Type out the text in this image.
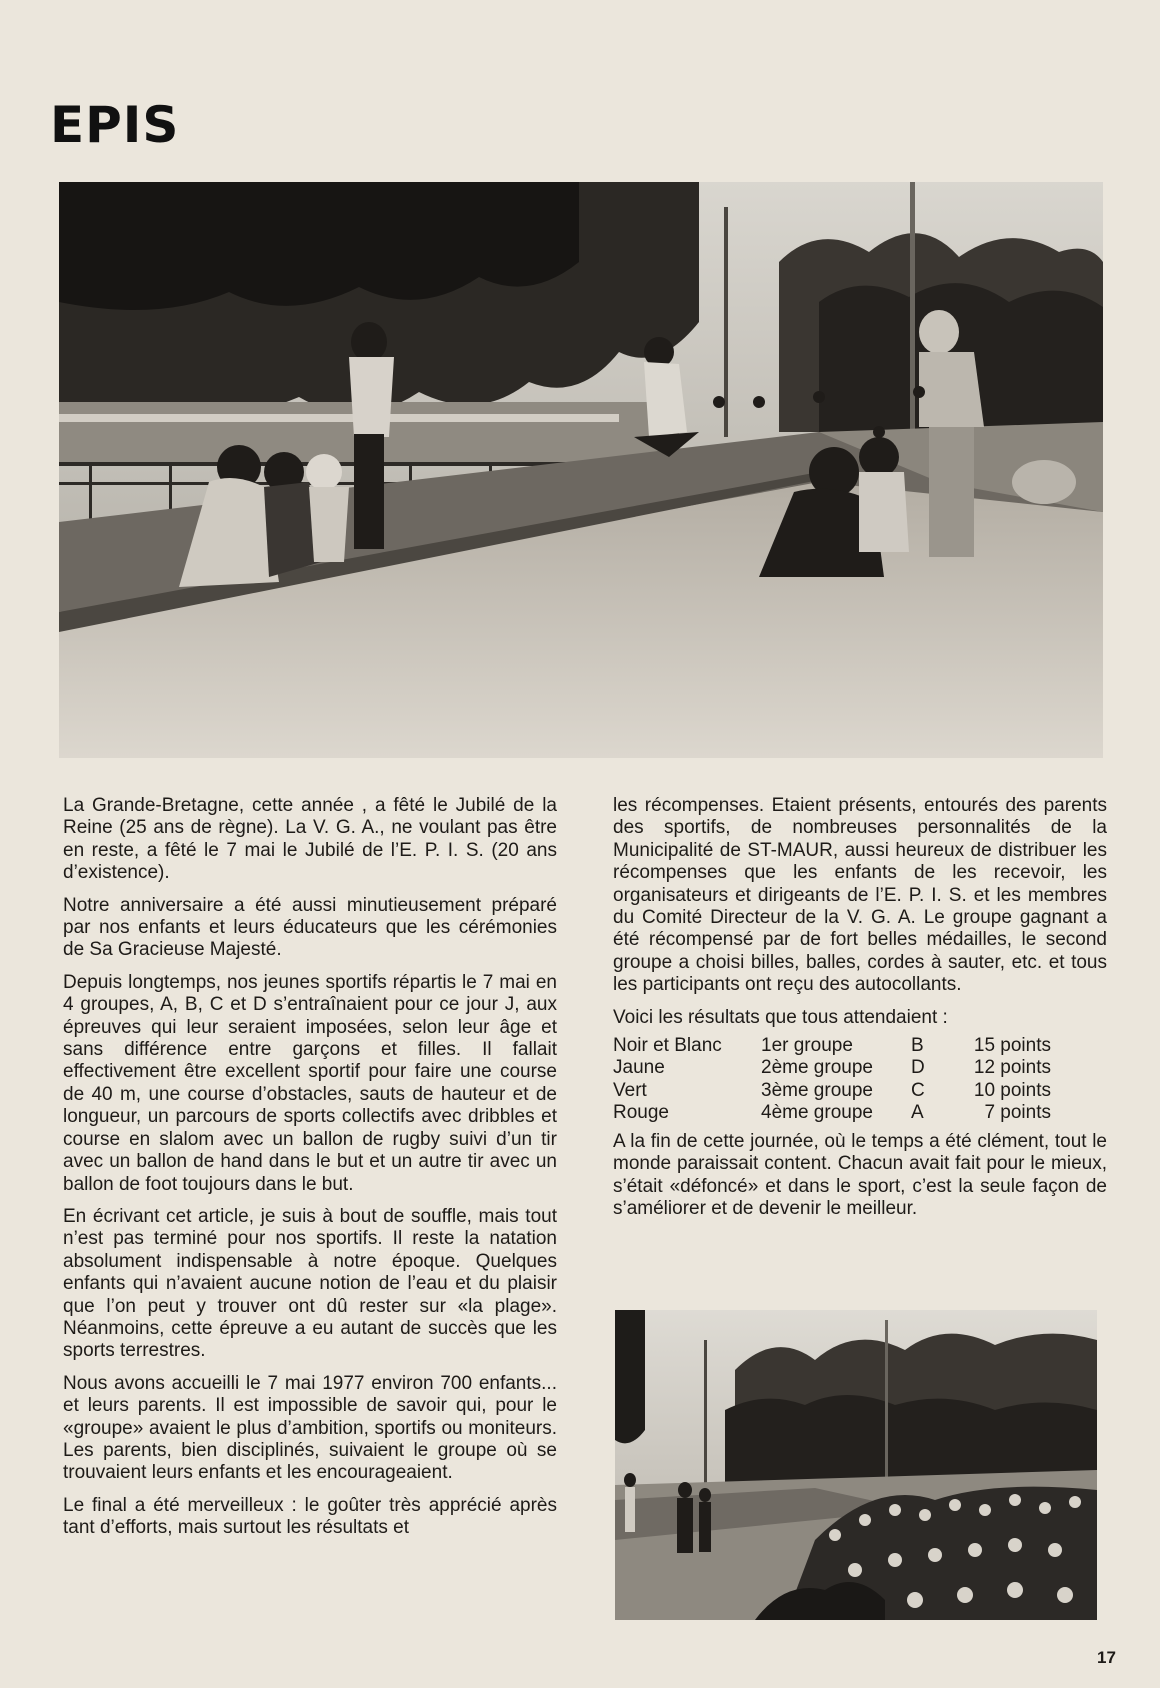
EPIS

La Grande-Bretagne, cette année , a fêté le Jubilé de la Reine (25 ans de règne). La V. G. A., ne voulant pas être en reste, a fêté le 7 mai le Jubilé de l’E. P. I. S. (20 ans d’existence).

Notre anniversaire a été aussi minutieusement préparé par nos enfants et leurs éducateurs que les cérémonies de Sa Gracieuse Majesté.

Depuis longtemps, nos jeunes sportifs répartis le 7 mai en 4 groupes, A, B, C et D s’entraînaient pour ce jour J, aux épreuves qui leur seraient imposées, selon leur âge et sans différence entre garçons et filles. Il fallait effectivement être excellent sportif pour faire une course de 40 m, une course d’obstacles, sauts de hauteur et de longueur, un parcours de sports collectifs avec dribbles et course en slalom avec un ballon de rugby suivi d’un tir avec un ballon de hand dans le but et un autre tir avec un ballon de foot toujours dans le but.

En écrivant cet article, je suis à bout de souffle, mais tout n’est pas terminé pour nos sportifs. Il reste la natation absolument indispensable à notre époque. Quelques enfants qui n’avaient aucune notion de l’eau et du plaisir que l’on peut y trouver ont dû rester sur «la plage». Néanmoins, cette épreuve a eu autant de succès que les sports terrestres.

Nous avons accueilli le 7 mai 1977 environ 700 enfants... et leurs parents. Il est impossible de savoir qui, pour le «groupe» avaient le plus d’ambition, sportifs ou moniteurs. Les parents, bien disciplinés, suivaient le groupe où se trouvaient leurs enfants et les encourageaient.

Le final a été merveilleux : le goûter très apprécié après tant d’efforts, mais surtout les résultats et

les récompenses. Etaient présents, entourés des parents des sportifs, de nombreuses personnalités de la Municipalité de ST-MAUR, aussi heureux de distribuer les récompenses que les enfants de les recevoir, les organisateurs et dirigeants de l’E. P. I. S. et les membres du Comité Directeur de la V. G. A. Le groupe gagnant a été récompensé par de fort belles médailles, le second groupe a choisi billes, balles, cordes à sauter, etc. et tous les participants ont reçu des autocollants.

Voici les résultats que tous attendaient :

Noir et Blanc	1er groupe	B	15 points
Jaune	2ème groupe	D	12 points
Vert	3ème groupe	C	10 points
Rouge	4ème groupe	A	7 points

A la fin de cette journée, où le temps a été clément, tout le monde paraissait content. Chacun avait fait pour le mieux, s’était «défoncé» et dans le sport, c’est la seule façon de s’améliorer et de devenir le meilleur.

17
